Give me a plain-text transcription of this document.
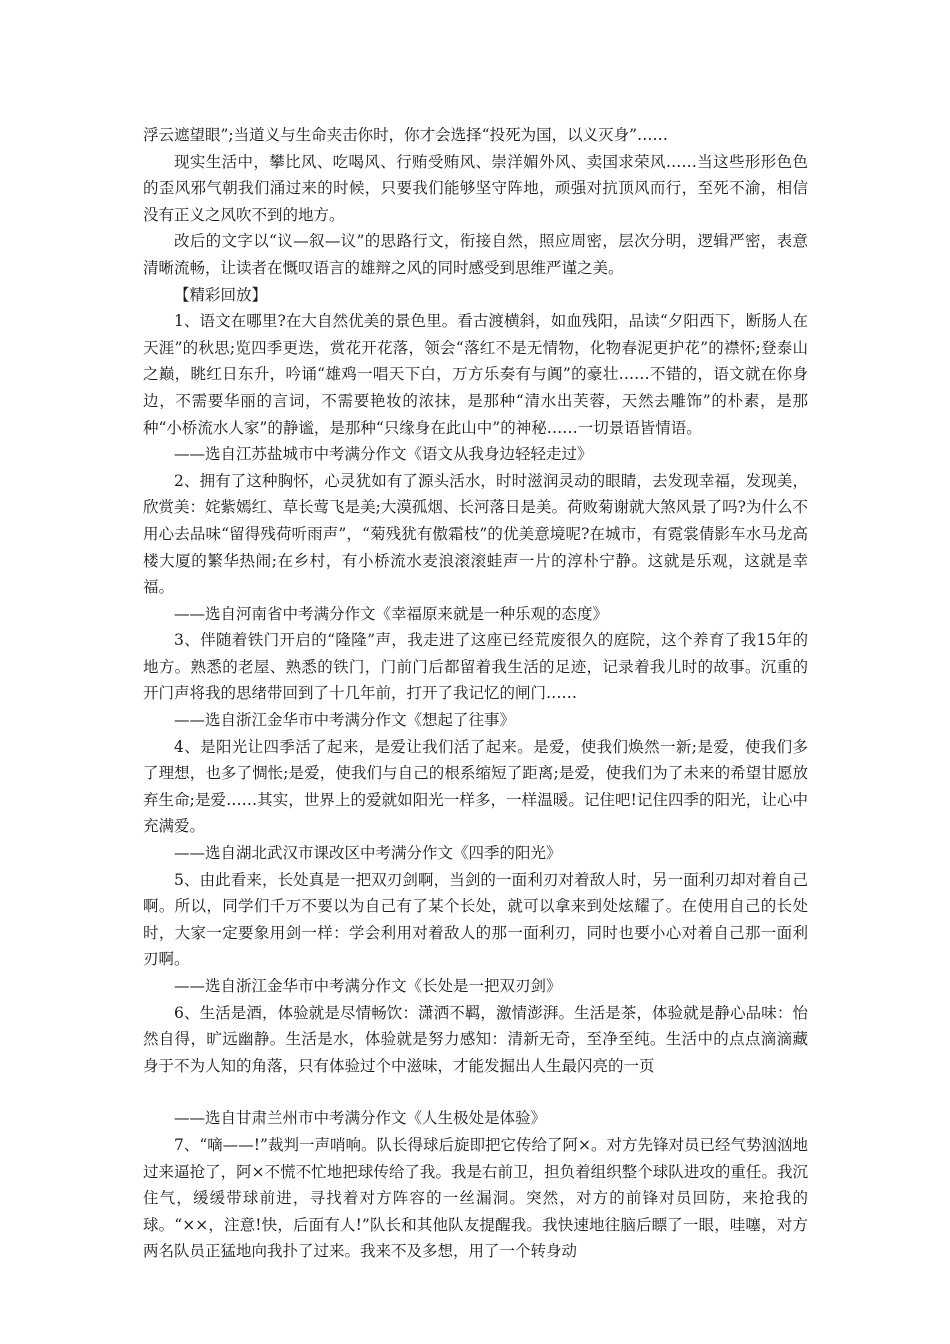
浮云遮望眼”;当道义与生命夹击你时，你才会选择“投死为国，以义灭身”……

现实生活中，攀比风、吃喝风、行贿受贿风、崇洋媚外风、卖国求荣风……当这些形形色色的歪风邪气朝我们涌过来的时候，只要我们能够坚守阵地，顽强对抗顶风而行，至死不渝，相信没有正义之风吹不到的地方。

改后的文字以“议—叙—议”的思路行文，衔接自然，照应周密，层次分明，逻辑严密，表意清晰流畅，让读者在慨叹语言的雄辩之风的同时感受到思维严谨之美。

【精彩回放】

1、语文在哪里?在大自然优美的景色里。看古渡横斜，如血残阳，品读“夕阳西下，断肠人在天涯”的秋思;览四季更迭，赏花开花落，领会“落红不是无情物，化物春泥更护花”的襟怀;登泰山之巅，眺红日东升，吟诵“雄鸡一唱天下白，万方乐奏有与阗”的豪壮……不错的，语文就在你身边，不需要华丽的言词，不需要艳妆的浓抹，是那种“清水出芙蓉，天然去雕饰”的朴素，是那种“小桥流水人家”的静谧，是那种“只缘身在此山中”的神秘……一切景语皆情语。

——选自江苏盐城市中考满分作文《语文从我身边轻轻走过》

2、拥有了这种胸怀，心灵犹如有了源头活水，时时滋润灵动的眼睛，去发现幸福，发现美，欣赏美：姹紫嫣红、草长莺飞是美;大漠孤烟、长河落日是美。荷败菊谢就大煞风景了吗?为什么不用心去品味“留得残荷听雨声”，“菊残犹有傲霜枝”的优美意境呢?在城市，有霓裳倩影车水马龙高楼大厦的繁华热闹;在乡村，有小桥流水麦浪滚滚蛙声一片的淳朴宁静。这就是乐观，这就是幸福。

——选自河南省中考满分作文《幸福原来就是一种乐观的态度》

3、伴随着铁门开启的“隆隆”声，我走进了这座已经荒废很久的庭院，这个养育了我15年的地方。熟悉的老屋、熟悉的铁门，门前门后都留着我生活的足迹，记录着我儿时的故事。沉重的开门声将我的思绪带回到了十几年前，打开了我记忆的闸门……

——选自浙江金华市中考满分作文《想起了往事》

4、是阳光让四季活了起来，是爱让我们活了起来。是爱，使我们焕然一新;是爱，使我们多了理想，也多了惆怅;是爱，使我们与自己的根系缩短了距离;是爱，使我们为了未来的希望甘愿放弃生命;是爱……其实，世界上的爱就如阳光一样多，一样温暖。记住吧!记住四季的阳光，让心中充满爱。

——选自湖北武汉市课改区中考满分作文《四季的阳光》

5、由此看来，长处真是一把双刃剑啊，当剑的一面利刃对着敌人时，另一面利刃却对着自己啊。所以，同学们千万不要以为自己有了某个长处，就可以拿来到处炫耀了。在使用自己的长处时，大家一定要象用剑一样：学会利用对着敌人的那一面利刃，同时也要小心对着自己那一面利刃啊。

——选自浙江金华市中考满分作文《长处是一把双刃剑》

6、生活是酒，体验就是尽情畅饮：潇洒不羁，激情澎湃。生活是茶，体验就是静心品味：怡然自得，旷远幽静。生活是水，体验就是努力感知：清新无奇，至净至纯。生活中的点点滴滴藏身于不为人知的角落，只有体验过个中滋味，才能发掘出人生最闪亮的一页

——选自甘肃兰州市中考满分作文《人生极处是体验》

7、“嘀——!”裁判一声哨响。队长得球后旋即把它传给了阿×。对方先锋对员已经气势汹汹地过来逼抢了，阿×不慌不忙地把球传给了我。我是右前卫，担负着组织整个球队进攻的重任。我沉住气，缓缓带球前进，寻找着对方阵容的一丝漏洞。突然，对方的前锋对员回防，来抢我的球。“××，注意!快，后面有人!”队长和其他队友提醒我。我快速地往脑后瞟了一眼，哇噻，对方两名队员正猛地向我扑了过来。我来不及多想，用了一个转身动
